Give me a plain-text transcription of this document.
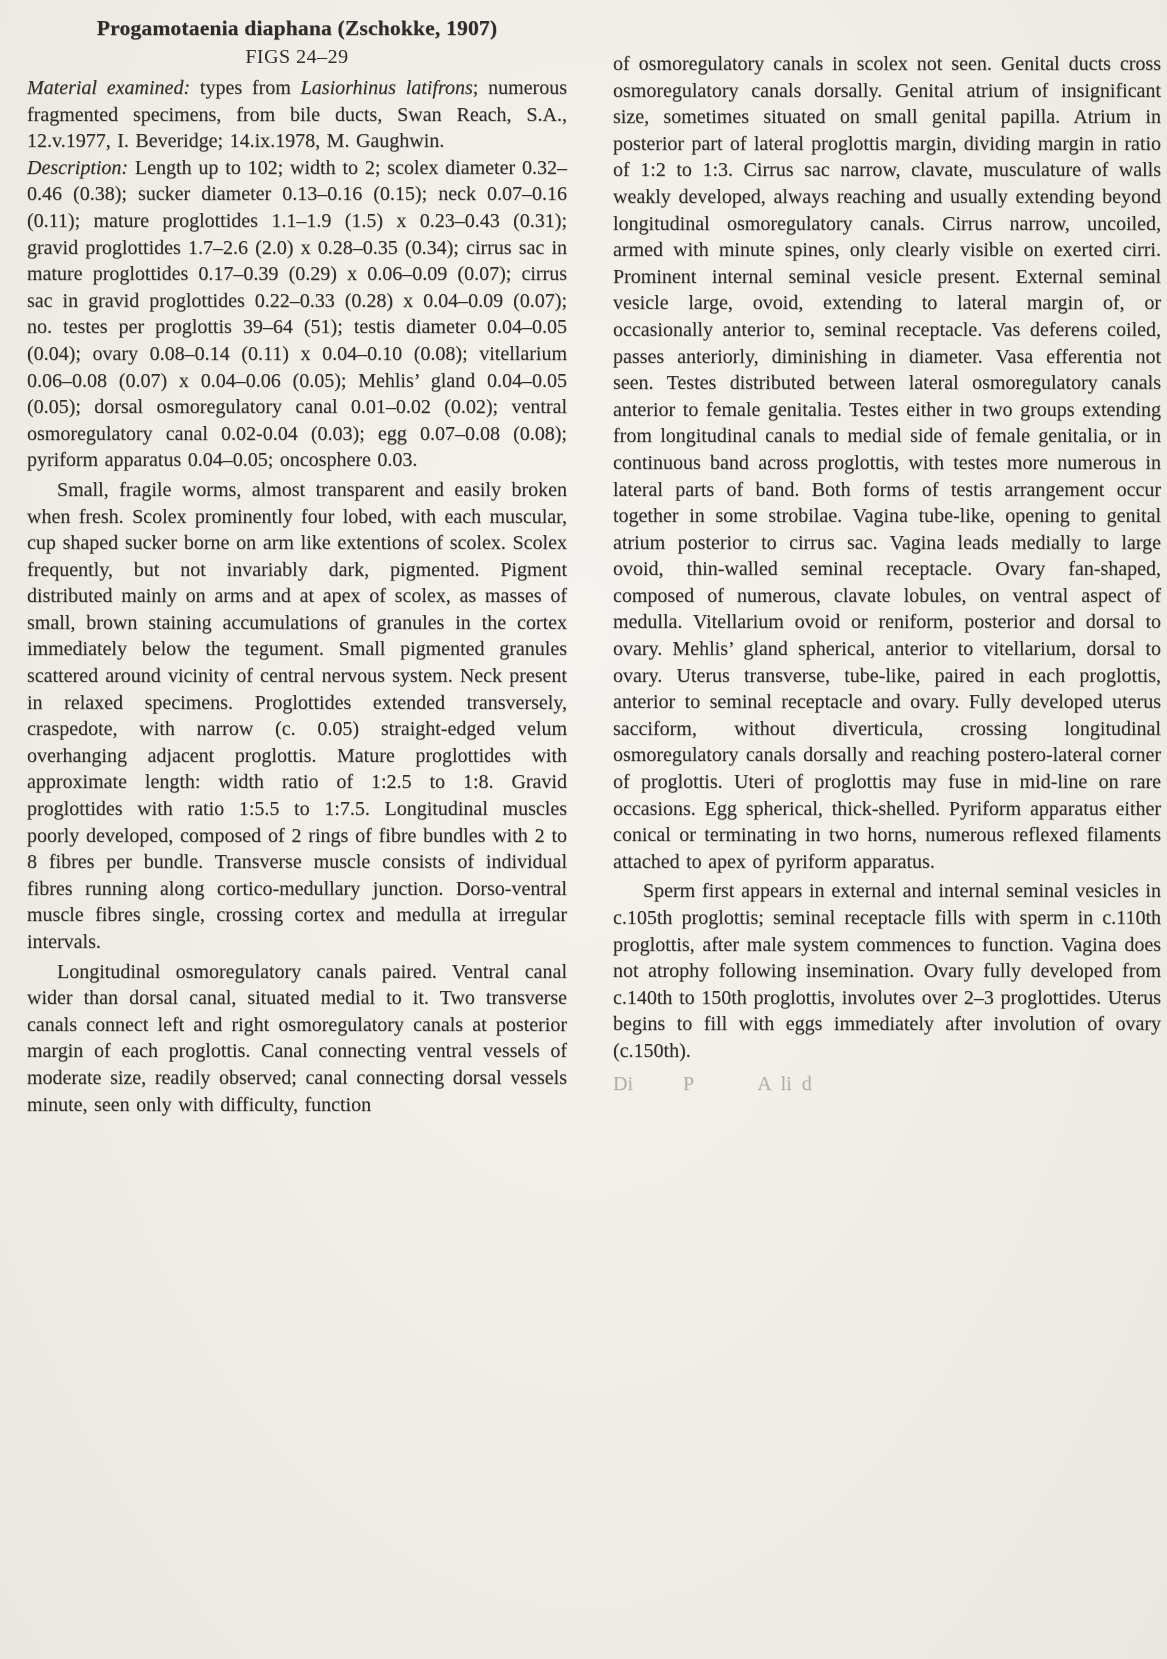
Progamotaenia diaphana (Zschokke, 1907)
FIGS 24–29

Material examined: types from Lasiorhinus latifrons; numerous fragmented specimens, from bile ducts, Swan Reach, S.A., 12.v.1977, I. Beveridge; 14.ix.1978, M. Gaughwin.

Description: Length up to 102; width to 2; scolex diameter 0.32–0.46 (0.38); sucker diameter 0.13–0.16 (0.15); neck 0.07–0.16 (0.11); mature proglottides 1.1–1.9 (1.5) x 0.23–0.43 (0.31); gravid proglottides 1.7–2.6 (2.0) x 0.28–0.35 (0.34); cirrus sac in mature proglottides 0.17–0.39 (0.29) x 0.06–0.09 (0.07); cirrus sac in gravid proglottides 0.22–0.33 (0.28) x 0.04–0.09 (0.07); no. testes per proglottis 39–64 (51); testis diameter 0.04–0.05 (0.04); ovary 0.08–0.14 (0.11) x 0.04–0.10 (0.08); vitellarium 0.06–0.08 (0.07) x 0.04–0.06 (0.05); Mehlis’ gland 0.04–0.05 (0.05); dorsal osmoregulatory canal 0.01–0.02 (0.02); ventral osmoregulatory canal 0.02-0.04 (0.03); egg 0.07–0.08 (0.08); pyriform apparatus 0.04–0.05; oncosphere 0.03.

Small, fragile worms, almost transparent and easily broken when fresh. Scolex prominently four lobed, with each muscular, cup shaped sucker borne on arm like extentions of scolex. Scolex frequently, but not invariably dark, pigmented. Pigment distributed mainly on arms and at apex of scolex, as masses of small, brown staining accumulations of granules in the cortex immediately below the tegument. Small pigmented granules scattered around vicinity of central nervous system. Neck present in relaxed specimens. Proglottides extended transversely, craspedote, with narrow (c. 0.05) straight-edged velum overhanging adjacent proglottis. Mature proglottides with approximate length: width ratio of 1:2.5 to 1:8. Gravid proglottides with ratio 1:5.5 to 1:7.5. Longitudinal muscles poorly developed, composed of 2 rings of fibre bundles with 2 to 8 fibres per bundle. Transverse muscle consists of individual fibres running along cortico-medullary junction. Dorso-ventral muscle fibres single, crossing cortex and medulla at irregular intervals.

Longitudinal osmoregulatory canals paired. Ventral canal wider than dorsal canal, situated medial to it. Two transverse canals connect left and right osmoregulatory canals at posterior margin of each proglottis. Canal connecting ventral vessels of moderate size, readily observed; canal connecting dorsal vessels minute, seen only with difficulty, function

of osmoregulatory canals in scolex not seen. Genital ducts cross osmoregulatory canals dorsally. Genital atrium of insignificant size, sometimes situated on small genital papilla. Atrium in posterior part of lateral proglottis margin, dividing margin in ratio of 1:2 to 1:3. Cirrus sac narrow, clavate, musculature of walls weakly developed, always reaching and usually extending beyond longitudinal osmoregulatory canals. Cirrus narrow, uncoiled, armed with minute spines, only clearly visible on exerted cirri. Prominent internal seminal vesicle present. External seminal vesicle large, ovoid, extending to lateral margin of, or occasionally anterior to, seminal receptacle. Vas deferens coiled, passes anteriorly, diminishing in diameter. Vasa efferentia not seen. Testes distributed between lateral osmoregulatory canals anterior to female genitalia. Testes either in two groups extending from longitudinal canals to medial side of female genitalia, or in continuous band across proglottis, with testes more numerous in lateral parts of band. Both forms of testis arrangement occur together in some strobilae. Vagina tube-like, opening to genital atrium posterior to cirrus sac. Vagina leads medially to large ovoid, thin-walled seminal receptacle. Ovary fan-shaped, composed of numerous, clavate lobules, on ventral aspect of medulla. Vitellarium ovoid or reniform, posterior and dorsal to ovary. Mehlis’ gland spherical, anterior to vitellarium, dorsal to ovary. Uterus transverse, tube-like, paired in each proglottis, anterior to seminal receptacle and ovary. Fully developed uterus sacciform, without diverticula, crossing longitudinal osmoregulatory canals dorsally and reaching postero-lateral corner of proglottis. Uteri of proglottis may fuse in mid-line on rare occasions. Egg spherical, thick-shelled. Pyriform apparatus either conical or terminating in two horns, numerous reflexed filaments attached to apex of pyriform apparatus.

Sperm first appears in external and internal seminal vesicles in c.105th proglottis; seminal receptacle fills with sperm in c.110th proglottis, after male system commences to function. Vagina does not atrophy following insemination. Ovary fully developed from c.140th to 150th proglottis, involutes over 2–3 proglottides. Uterus begins to fill with eggs immediately after involution of ovary (c.150th).

Di          P             A  li  d
